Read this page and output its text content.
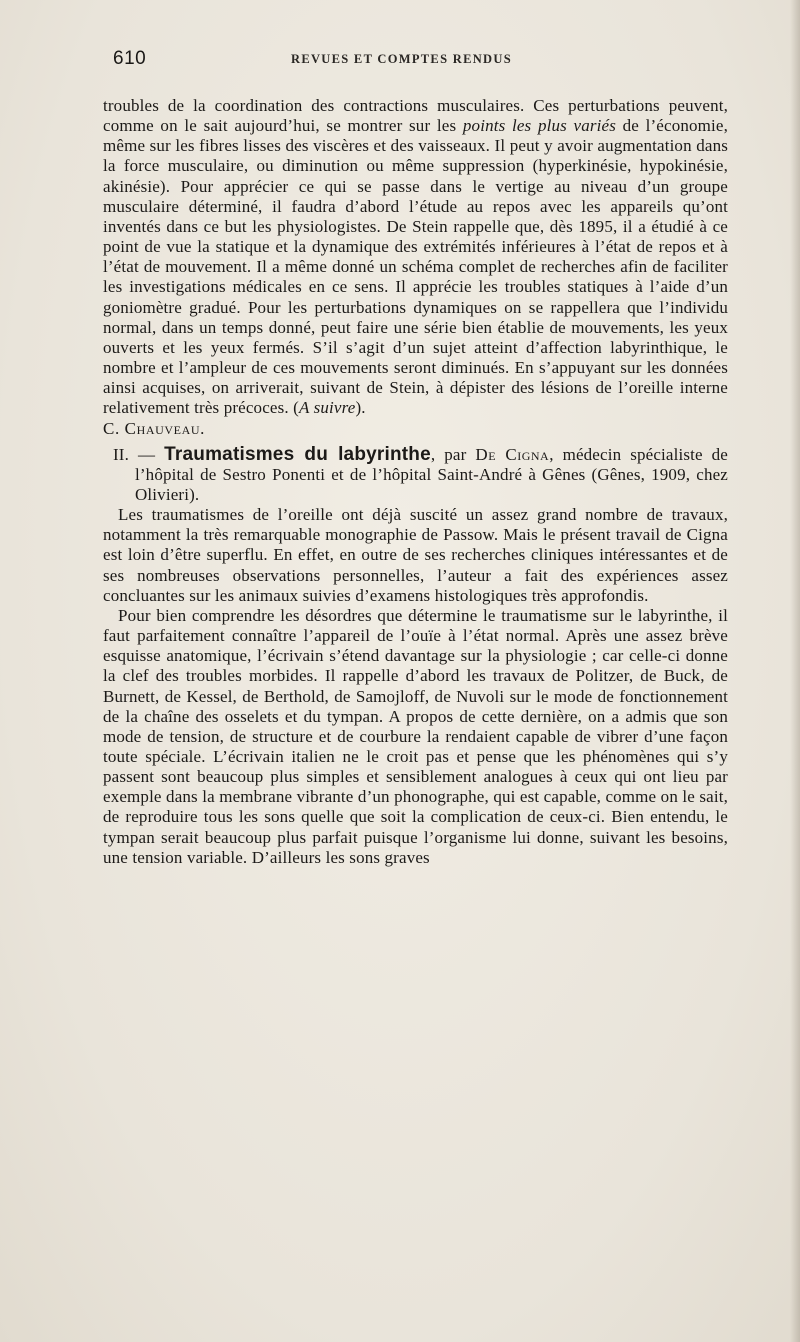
610	REVUES ET COMPTES RENDUS

troubles de la coordination des contractions musculaires. Ces perturbations peuvent, comme on le sait aujourd’hui, se montrer sur les points les plus variés de l’économie, même sur les fibres lisses des viscères et des vaisseaux. Il peut y avoir augmentation dans la force musculaire, ou diminution ou même suppression (hyperkinésie, hypokinésie, akinésie). Pour apprécier ce qui se passe dans le vertige au niveau d’un groupe musculaire déterminé, il faudra d’abord l’étude au repos avec les appareils qu’ont inventés dans ce but les physiologistes. De Stein rappelle que, dès 1895, il a étudié à ce point de vue la statique et la dynamique des extrémités inférieures à l’état de repos et à l’état de mouvement. Il a même donné un schéma complet de recherches afin de faciliter les investigations médicales en ce sens. Il apprécie les troubles statiques à l’aide d’un goniomètre gradué. Pour les perturbations dynamiques on se rappellera que l’individu normal, dans un temps donné, peut faire une série bien établie de mouvements, les yeux ouverts et les yeux fermés. S’il s’agit d’un sujet atteint d’affection labyrinthique, le nombre et l’ampleur de ces mouvements seront diminués. En s’appuyant sur les données ainsi acquises, on arriverait, suivant de Stein, à dépister des lésions de l’oreille interne relativement très précoces. (A suivre).

C. Chauveau.

II. — Traumatismes du labyrinthe, par De Cigna, médecin spécialiste de l’hôpital de Sestro Ponenti et de l’hôpital Saint-André à Gênes (Gênes, 1909, chez Olivieri).

Les traumatismes de l’oreille ont déjà suscité un assez grand nombre de travaux, notamment la très remarquable monographie de Passow. Mais le présent travail de Cigna est loin d’être superflu. En effet, en outre de ses recherches cliniques intéressantes et de ses nombreuses observations personnelles, l’auteur a fait des expériences assez concluantes sur les animaux suivies d’examens histologiques très approfondis.

Pour bien comprendre les désordres que détermine le traumatisme sur le labyrinthe, il faut parfaitement connaître l’appareil de l’ouïe à l’état normal. Après une assez brève esquisse anatomique, l’écrivain s’étend davantage sur la physiologie ; car celle-ci donne la clef des troubles morbides. Il rappelle d’abord les travaux de Politzer, de Buck, de Burnett, de Kessel, de Berthold, de Samojloff, de Nuvoli sur le mode de fonctionnement de la chaîne des osselets et du tympan. A propos de cette dernière, on a admis que son mode de tension, de structure et de courbure la rendaient capable de vibrer d’une façon toute spéciale. L’écrivain italien ne le croit pas et pense que les phénomènes qui s’y passent sont beaucoup plus simples et sensiblement analogues à ceux qui ont lieu par exemple dans la membrane vibrante d’un phonographe, qui est capable, comme on le sait, de reproduire tous les sons quelle que soit la complication de ceux-ci. Bien entendu, le tympan serait beaucoup plus parfait puisque l’organisme lui donne, suivant les besoins, une tension variable. D’ailleurs les sons graves
